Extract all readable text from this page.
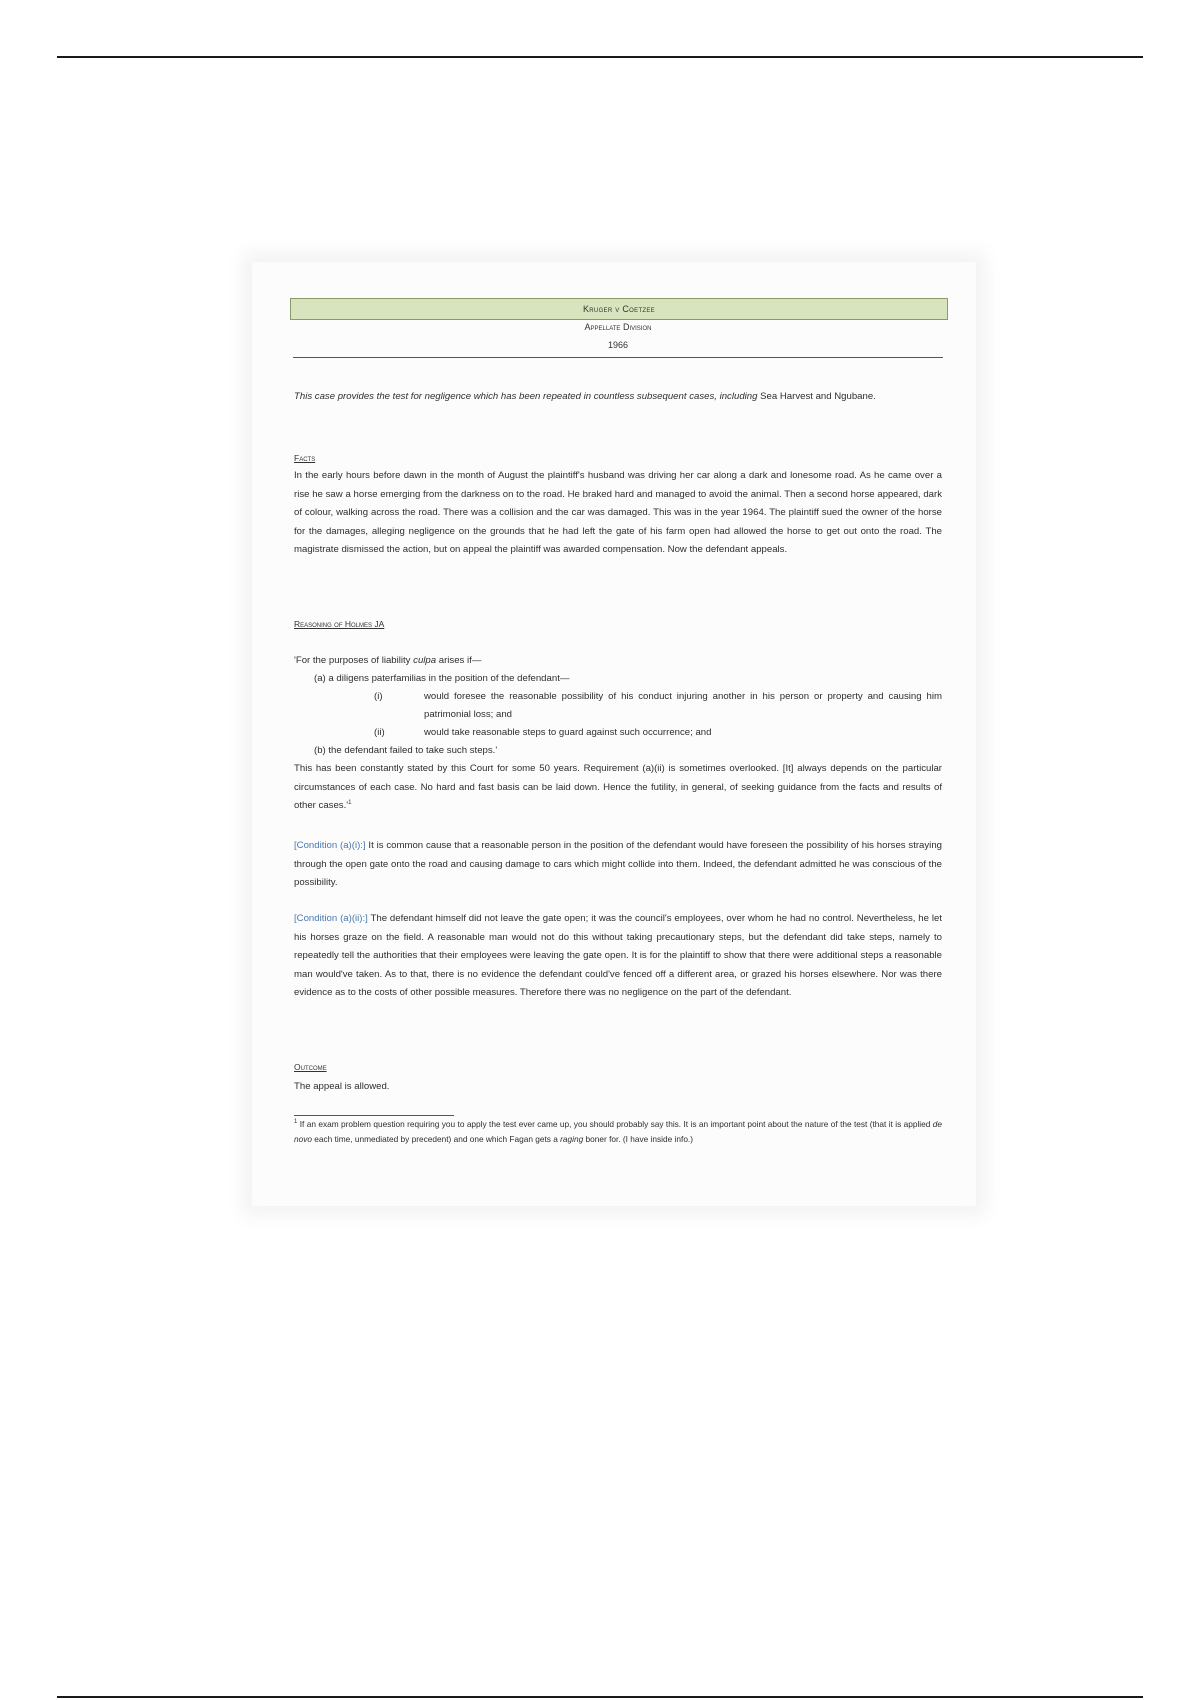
Kruger v Coetzee
Appellate Division
1966
This case provides the test for negligence which has been repeated in countless subsequent cases, including Sea Harvest and Ngubane.
Facts
In the early hours before dawn in the month of August the plaintiff's husband was driving her car along a dark and lonesome road. As he came over a rise he saw a horse emerging from the darkness on to the road. He braked hard and managed to avoid the animal. Then a second horse appeared, dark of colour, walking across the road. There was a collision and the car was damaged. This was in the year 1964. The plaintiff sued the owner of the horse for the damages, alleging negligence on the grounds that he had left the gate of his farm open had allowed the horse to get out onto the road. The magistrate dismissed the action, but on appeal the plaintiff was awarded compensation. Now the defendant appeals.
Reasoning of Holmes JA
'For the purposes of liability culpa arises if—
(a) a diligens paterfamilias in the position of the defendant—
(i)	would foresee the reasonable possibility of his conduct injuring another in his person or property and causing him patrimonial loss; and
(ii)	would take reasonable steps to guard against such occurrence; and
(b) the defendant failed to take such steps.'
This has been constantly stated by this Court for some 50 years. Requirement (a)(ii) is sometimes overlooked. [It] always depends on the particular circumstances of each case. No hard and fast basis can be laid down. Hence the futility, in general, of seeking guidance from the facts and results of other $cases.'^1$
[Condition (a)(i):] It is common cause that a reasonable person in the position of the defendant would have foreseen the possibility of his horses straying through the open gate onto the road and causing damage to cars which might collide into them. Indeed, the defendant admitted he was conscious of the possibility.
[Condition (a)(ii):] The defendant himself did not leave the gate open; it was the council's employees, over whom he had no control. Nevertheless, he let his horses graze on the field. A reasonable man would not do this without taking precautionary steps, but the defendant did take steps, namely to repeatedly tell the authorities that their employees were leaving the gate open. It is for the plaintiff to show that there were additional steps a reasonable man would've taken. As to that, there is no evidence the defendant could've fenced off a different area, or grazed his horses elsewhere. Nor was there evidence as to the costs of other possible measures. Therefore there was no negligence on the part of the defendant.
Outcome
The appeal is allowed.
$^1$ If an exam problem question requiring you to apply the test ever came up, you should probably say this. It is an important point about the nature of the test (that it is applied de novo each time, unmediated by precedent) and one which Fagan gets a raging boner for. (I have inside info.)
